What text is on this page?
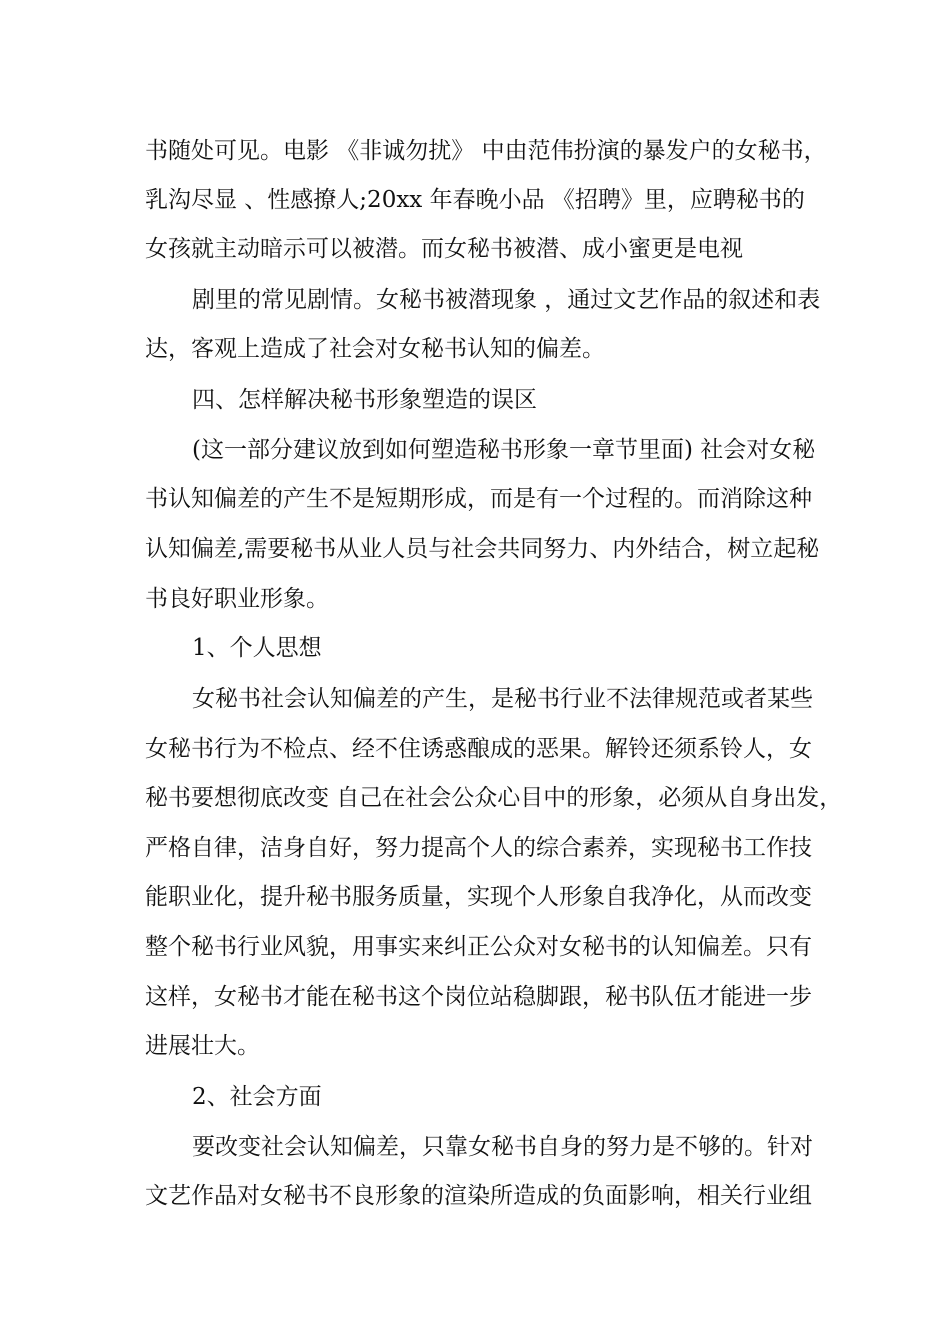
书随处可见。电影 《非诚勿扰》 中由范伟扮演的暴发户的女秘书，
乳沟尽显 、性感撩人;20xx 年春晚小品 《招聘》里，应聘秘书的
女孩就主动暗示可以被潜。而女秘书被潜、成小蜜更是电视
剧里的常见剧情。女秘书被潜现象 ，通过文艺作品的叙述和表
达，客观上造成了社会对女秘书认知的偏差。
四、怎样解决秘书形象塑造的误区
(这一部分建议放到如何塑造秘书形象一章节里面) 社会对女秘
书认知偏差的产生不是短期形成，而是有一个过程的。而消除这种
认知偏差,需要秘书从业人员与社会共同努力、内外结合，树立起秘
书良好职业形象。
1、个人思想
女秘书社会认知偏差的产生，是秘书行业不法律规范或者某些
女秘书行为不检点、经不住诱惑酿成的恶果。解铃还须系铃人，女
秘书要想彻底改变 自己在社会公众心目中的形象，必须从自身出发，
严格自律，洁身自好，努力提高个人的综合素养，实现秘书工作技
能职业化，提升秘书服务质量，实现个人形象自我净化，从而改变
整个秘书行业风貌，用事实来纠正公众对女秘书的认知偏差。只有
这样，女秘书才能在秘书这个岗位站稳脚跟，秘书队伍才能进一步
进展壮大。
2、社会方面
要改变社会认知偏差，只靠女秘书自身的努力是不够的。针对
文艺作品对女秘书不良形象的渲染所造成的负面影响，相关行业组
